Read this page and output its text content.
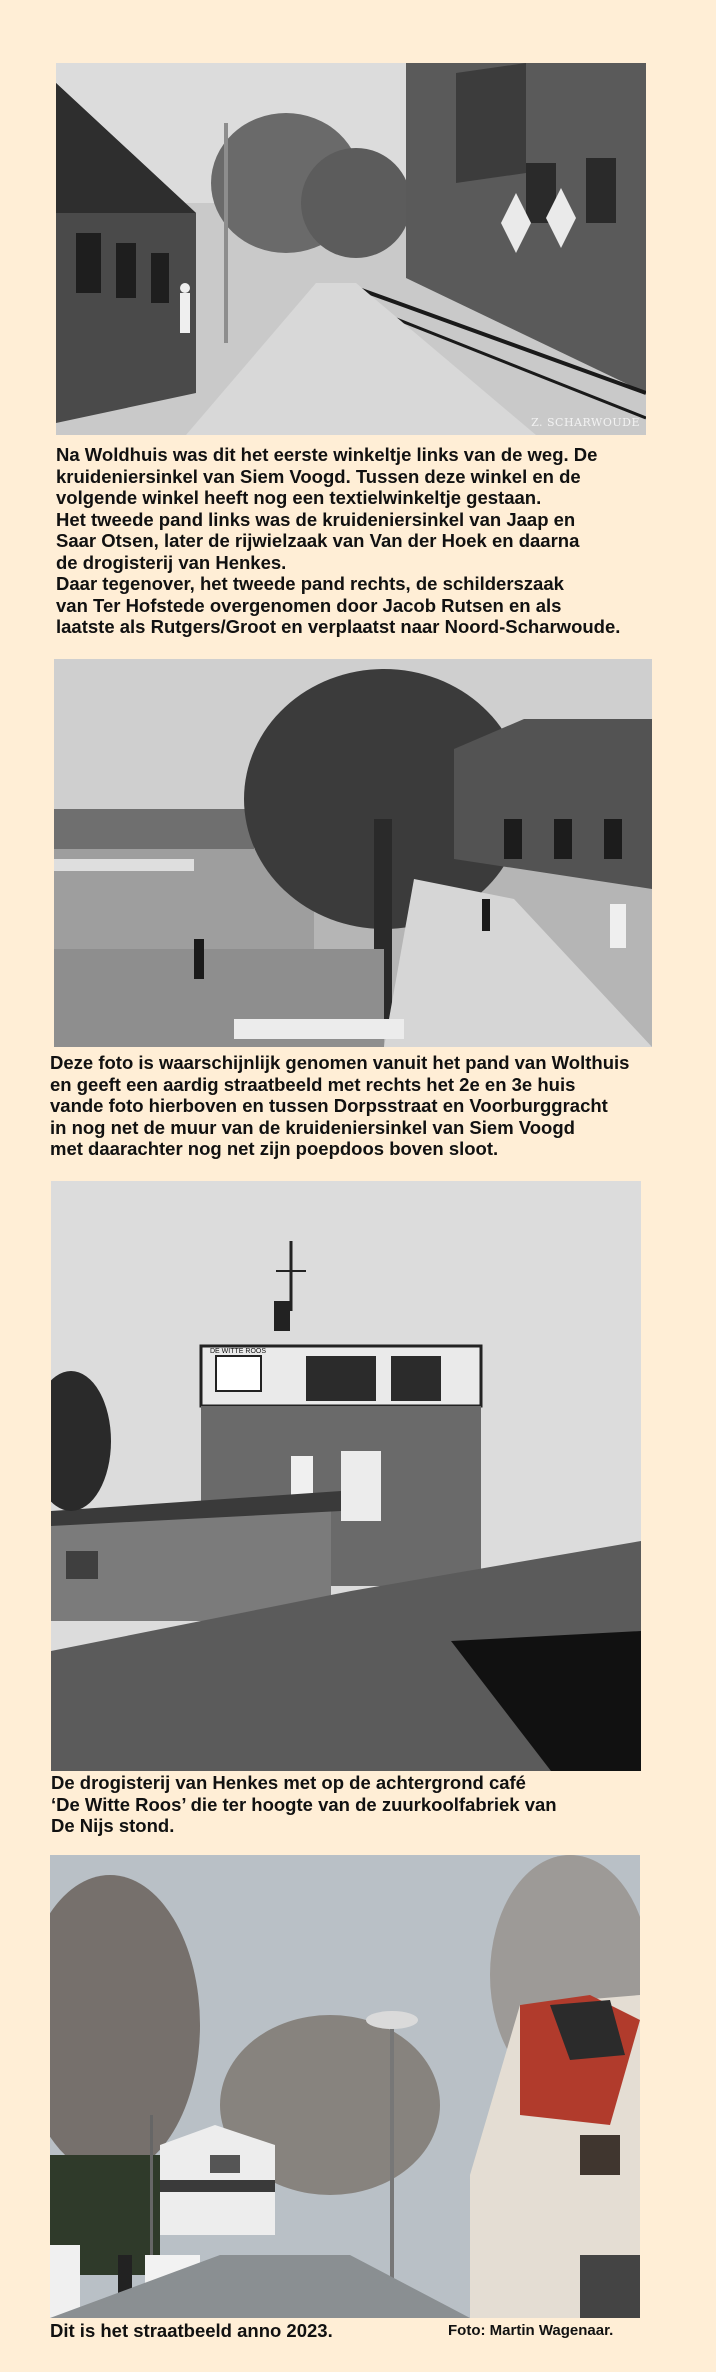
Z. SCHARWOUDE
Na Woldhuis was dit het eerste winkeltje links van de weg. De
kruideniersinkel van Siem Voogd. Tussen deze winkel en de
volgende winkel heeft nog een textielwinkeltje gestaan.
Het tweede pand links was de kruideniersinkel van Jaap en
Saar Otsen, later de rijwielzaak van Van der Hoek en daarna
de drogisterij van Henkes.
Daar tegenover, het tweede pand rechts, de schilderszaak
van Ter Hofstede overgenomen door Jacob Rutsen en als
laatste als Rutgers/Groot en verplaatst naar Noord-Scharwoude.
Deze foto is waarschijnlijk genomen vanuit het pand van Wolthuis
en geeft een aardig straatbeeld met rechts het 2e en 3e huis
vande foto hierboven en tussen Dorpsstraat en Voorburggracht
in nog net de muur van de kruideniersinkel van Siem Voogd
met daarachter nog net zijn poepdoos boven sloot.
DE WITTE ROOS
De drogisterij van Henkes met op de achtergrond café
‘De Witte Roos’ die ter hoogte van de zuurkoolfabriek van
De Nijs stond.
Dit is het straatbeeld anno 2023.	Foto: Martin Wagenaar.
